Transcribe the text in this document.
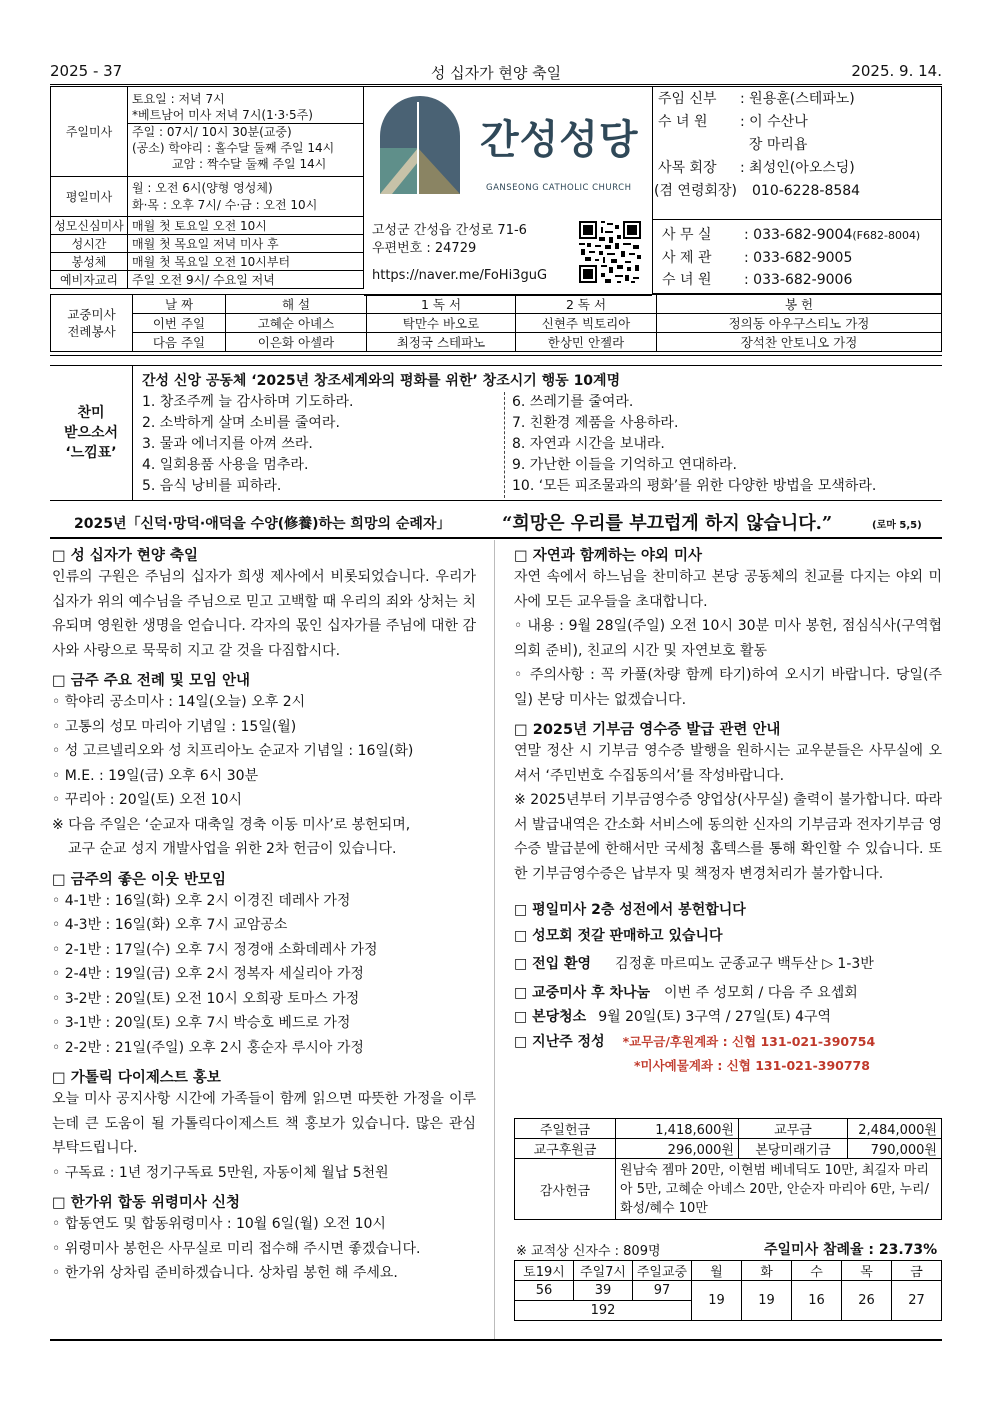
2025 - 37	성 십자가 현양 축일	2025. 9. 14.
주일미사	토요일 : 저녁 7시
*베트남어 미사 저녁 7시(1·3·5주)
주일 : 07시/ 10시 30분(교중)
(공소) 학야리 : 홀수달 둘째 주일 14시
교암 : 짝수달 둘째 주일 14시

평일미사	월 : 오전 6시(양형 영성체)
화·목 : 오후 7시/ 수·금 : 오전 10시

성모신심미사	매월 첫 토요일 오전 10시
성시간	매월 첫 목요일 저녁 미사 후
봉성체	매월 첫 목요일 오전 10시부터
예비자교리	주일 오전 9시/ 수요일 저녁
간성성당
GANSEONG CATHOLIC CHURCH
고성군 간성읍 간성로 71-6
우편번호 : 24729
https://naver.me/FoHi3guG
주임 신부 : 원용훈(스테파노)
수 녀 원 : 이 수산나
장 마리욥
사목 회장 : 최성인(아오스딩)
(겸 연령회장) 010-6228-8584
사 무 실 : 033-682-9004(F682-8004)
사 제 관 : 033-682-9005
수 녀 원 : 033-682-9006
교중미사
전례봉사	날 짜	해 설	1 독 서	2 독 서	봉 헌
	이번 주일	고혜순 아녜스	탁만수 바오로	신현주 빅토리아	정의동 아우구스티노 가정
	다음 주일	이은화 아셀라	최정국 스테파노	한상민 안젤라	장석찬 안토니오 가정
찬미
받으소서
‘느낌표’
간성 신앙 공동체 ‘2025년 창조세계와의 평화를 위한’ 창조시기 행동 10계명
1. 창조주께 늘 감사하며 기도하라.
2. 소박하게 살며 소비를 줄여라.
3. 물과 에너지를 아껴 쓰라.
4. 일회용품 사용을 멈추라.
5. 음식 낭비를 피하라.
6. 쓰레기를 줄여라.
7. 친환경 제품을 사용하라.
8. 자연과 시간을 보내라.
9. 가난한 이들을 기억하고 연대하라.
10. ‘모든 피조물과의 평화’를 위한 다양한 방법을 모색하라.
2025년「신덕·망덕·애덕을 수양(修養)하는 희망의 순례자」	“희망은 우리를 부끄럽게 하지 않습니다.”	(로마 5,5)

□ 성 십자가 현양 축일

인류의 구원은 주님의 십자가 희생 제사에서 비롯되었습니다. 우리가 십자가 위의 예수님을 주님으로 믿고 고백할 때 우리의 죄와 상처는 치유되며 영원한 생명을 얻습니다. 각자의 몫인 십자가를 주님에 대한 감사와 사랑으로 묵묵히 지고 갈 것을 다짐합시다.

□ 금주 주요 전례 및 모임 안내

◦ 학야리 공소미사 : 14일(오늘) 오후 2시

◦ 고통의 성모 마리아 기념일 : 15일(월)

◦ 성 고르넬리오와 성 치프리아노 순교자 기념일 : 16일(화)

◦ M.E. : 19일(금) 오후 6시 30분

◦ 꾸리아 : 20일(토) 오전 10시

※ 다음 주일은 ‘순교자 대축일 경축 이동 미사’로 봉헌되며,

교구 순교 성지 개발사업을 위한 2차 헌금이 있습니다.

□ 금주의 좋은 이웃 반모임

◦ 4-1반 : 16일(화) 오후 2시 이경진 데레사 가정

◦ 4-3반 : 16일(화) 오후 7시 교암공소

◦ 2-1반 : 17일(수) 오후 7시 정경애 소화데레사 가정

◦ 2-4반 : 19일(금) 오후 2시 정복자 세실리아 가정

◦ 3-2반 : 20일(토) 오전 10시 오희광 토마스 가정

◦ 3-1반 : 20일(토) 오후 7시 박승호 베드로 가정

◦ 2-2반 : 21일(주일) 오후 2시 홍순자 루시아 가정

□ 가톨릭 다이제스트 홍보

오늘 미사 공지사항 시간에 가족들이 함께 읽으면 따뜻한 가정을 이루는데 큰 도움이 될 가톨릭다이제스트 책 홍보가 있습니다. 많은 관심 부탁드립니다.

◦ 구독료 : 1년 정기구독료 5만원, 자동이체 월납 5천원

□ 한가위 합동 위령미사 신청

◦ 합동연도 및 합동위령미사 : 10월 6일(월) 오전 10시

◦ 위령미사 봉헌은 사무실로 미리 접수해 주시면 좋겠습니다.

◦ 한가위 상차림 준비하겠습니다. 상차림 봉헌 해 주세요.

□ 자연과 함께하는 야외 미사

자연 속에서 하느님을 찬미하고 본당 공동체의 친교를 다지는 야외 미사에 모든 교우들을 초대합니다.

◦ 내용 : 9월 28일(주일) 오전 10시 30분 미사 봉헌, 점심식사(구역협의회 준비), 친교의 시간 및 자연보호 활동

◦ 주의사항 : 꼭 카풀(차량 함께 타기)하여 오시기 바랍니다. 당일(주일) 본당 미사는 없겠습니다.

□ 2025년 기부금 영수증 발급 관련 안내

연말 정산 시 기부금 영수증 발행을 원하시는 교우분들은 사무실에 오셔서 ‘주민번호 수집동의서’를 작성바랍니다.

※ 2025년부터 기부금영수증 양업상(사무실) 출력이 불가합니다. 따라서 발급내역은 간소화 서비스에 동의한 신자의 기부금과 전자기부금 영수증 발급분에 한해서만 국세청 홈텍스를 통해 확인할 수 있습니다. 또한 기부금영수증은 납부자 및 책정자 변경처리가 불가합니다.

□ 평일미사 2층 성전에서 봉헌합니다

□ 성모회 젓갈 판매하고 있습니다

□ 전입 환영 김정훈 마르띠노 군종교구 백두산 ▷ 1-3반

□ 교중미사 후 차나눔 이번 주 성모회 / 다음 주 요셉회

□ 본당청소 9월 20일(토) 3구역 / 27일(토) 4구역

□ 지난주 정성 *교무금/후원계좌 : 신협 131-021-390754

*미사예물계좌 : 신협 131-021-390778

주일헌금	1,418,600원	교무금	2,484,000원
교구후원금	296,000원	본당미래기금	790,000원
감사헌금	원남숙 젬마 20만, 이현범 베네딕도 10만, 최길자 마리아 5만, 고혜순 아녜스 20만, 안순자 마리아 6만, 누리/화성/혜수 10만		
※ 교적상 신자수 : 809명	주일미사 참례율 : 23.73%
토19시	주일7시	주일교중	월	화	수	목	금
56	39	97	19	19	16	26	27
192							
